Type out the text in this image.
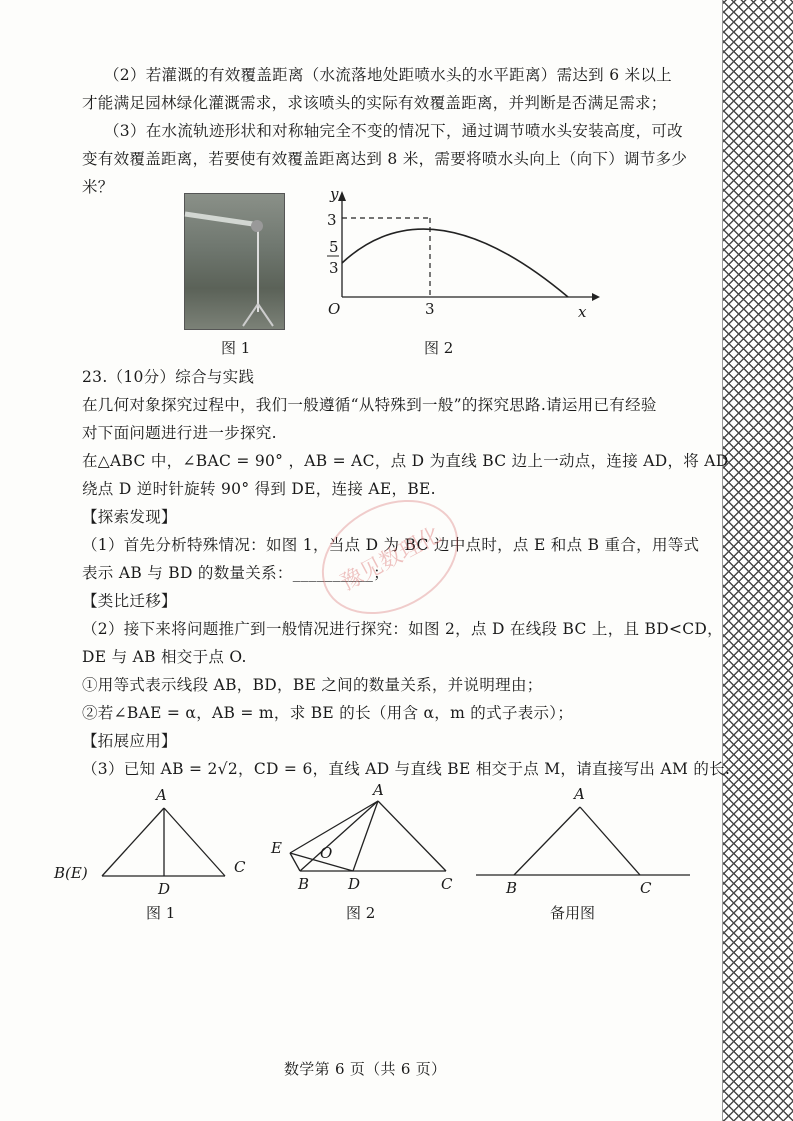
（2）若灌溉的有效覆盖距离（水流落地处距喷水头的水平距离）需达到 6 米以上
才能满足园林绿化灌溉需求，求该喷头的实际有效覆盖距离，并判断是否满足需求；
（3）在水流轨迹形状和对称轴完全不变的情况下，通过调节喷水头安装高度，可改
变有效覆盖距离，若要使有效覆盖距离达到 8 米，需要将喷水头向上（向下）调节多少
米？
图 1
y
x
O
3
3
5
3
图 2
23.（10分）综合与实践
在几何对象探究过程中，我们一般遵循“从特殊到一般”的探究思路.请运用已有经验
对下面问题进行进一步探究.
在△ABC 中，∠BAC = 90° ，AB = AC，点 D 为直线 BC 边上一动点，连接 AD，将 AD
绕点 D 逆时针旋转 90° 得到 DE，连接 AE，BE.
【探索发现】
（1）首先分析特殊情况：如图 1，当点 D 为 BC 边中点时，点 E 和点 B 重合，用等式
表示 AB 与 BD 的数量关系：__________；
【类比迁移】
（2）接下来将问题推广到一般情况进行探究：如图 2，点 D 在线段 BC 上，且 BD<CD，
DE 与 AB 相交于点 O.
①用等式表示线段 AB，BD，BE 之间的数量关系，并说明理由；
②若∠BAE = α，AB = m，求 BE 的长（用含 α，m 的式子表示）；
【拓展应用】
（3）已知 AB = 2√2，CD = 6，直线 AD 与直线 BE 相交于点 M，请直接写出 AM 的长.
豫见数理化
A
B(E)	C
D
图 1
A
E	O
B	D	C
图 2
A
B	C
备用图
数学第 6 页（共 6 页）
